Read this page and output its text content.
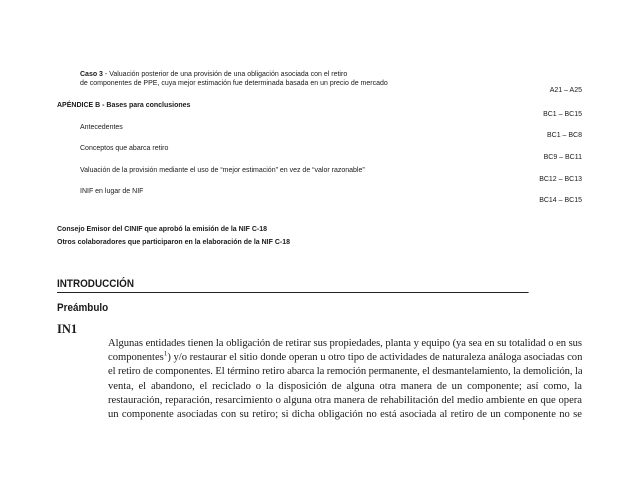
Caso 3 - Valuación posterior de una provisión de una obligación asociada con el retiro
de componentes de PPE, cuya mejor estimación fue determinada basada en un precio de mercado
A21 – A25
APÉNDICE B - Bases para conclusiones
BC1 – BC15
Antecedentes
BC1 – BC8
Conceptos que abarca retiro
BC9 – BC11
Valuación de la provisión mediante el uso de “mejor estimación” en vez de “valor razonable”
BC12 – BC13
INIF en lugar de NIF
BC14 – BC15
Consejo Emisor del CINIF que aprobó la emisión de la NIF C-18
Otros colaboradores que participaron en la elaboración de la NIF C-18
INTRODUCCIÓN
Preámbulo
IN1
Algunas entidades tienen la obligación de retirar sus propiedades, planta y equipo (ya sea en su totalidad o en sus
componentes$^1$) y/o restaurar el sitio donde operan u otro tipo de actividades de naturaleza análoga asociadas con
el retiro de componentes. El término retiro abarca la remoción permanente, el desmantelamiento, la demolición, la
venta, el abandono, el reciclado o la disposición de alguna otra manera de un componente; así como, la
restauración, reparación, resarcimiento o alguna otra manera de rehabilitación del medio ambiente en que opera
un componente asociadas con su retiro; si dicha obligación no está asociada al retiro de un componente no se
